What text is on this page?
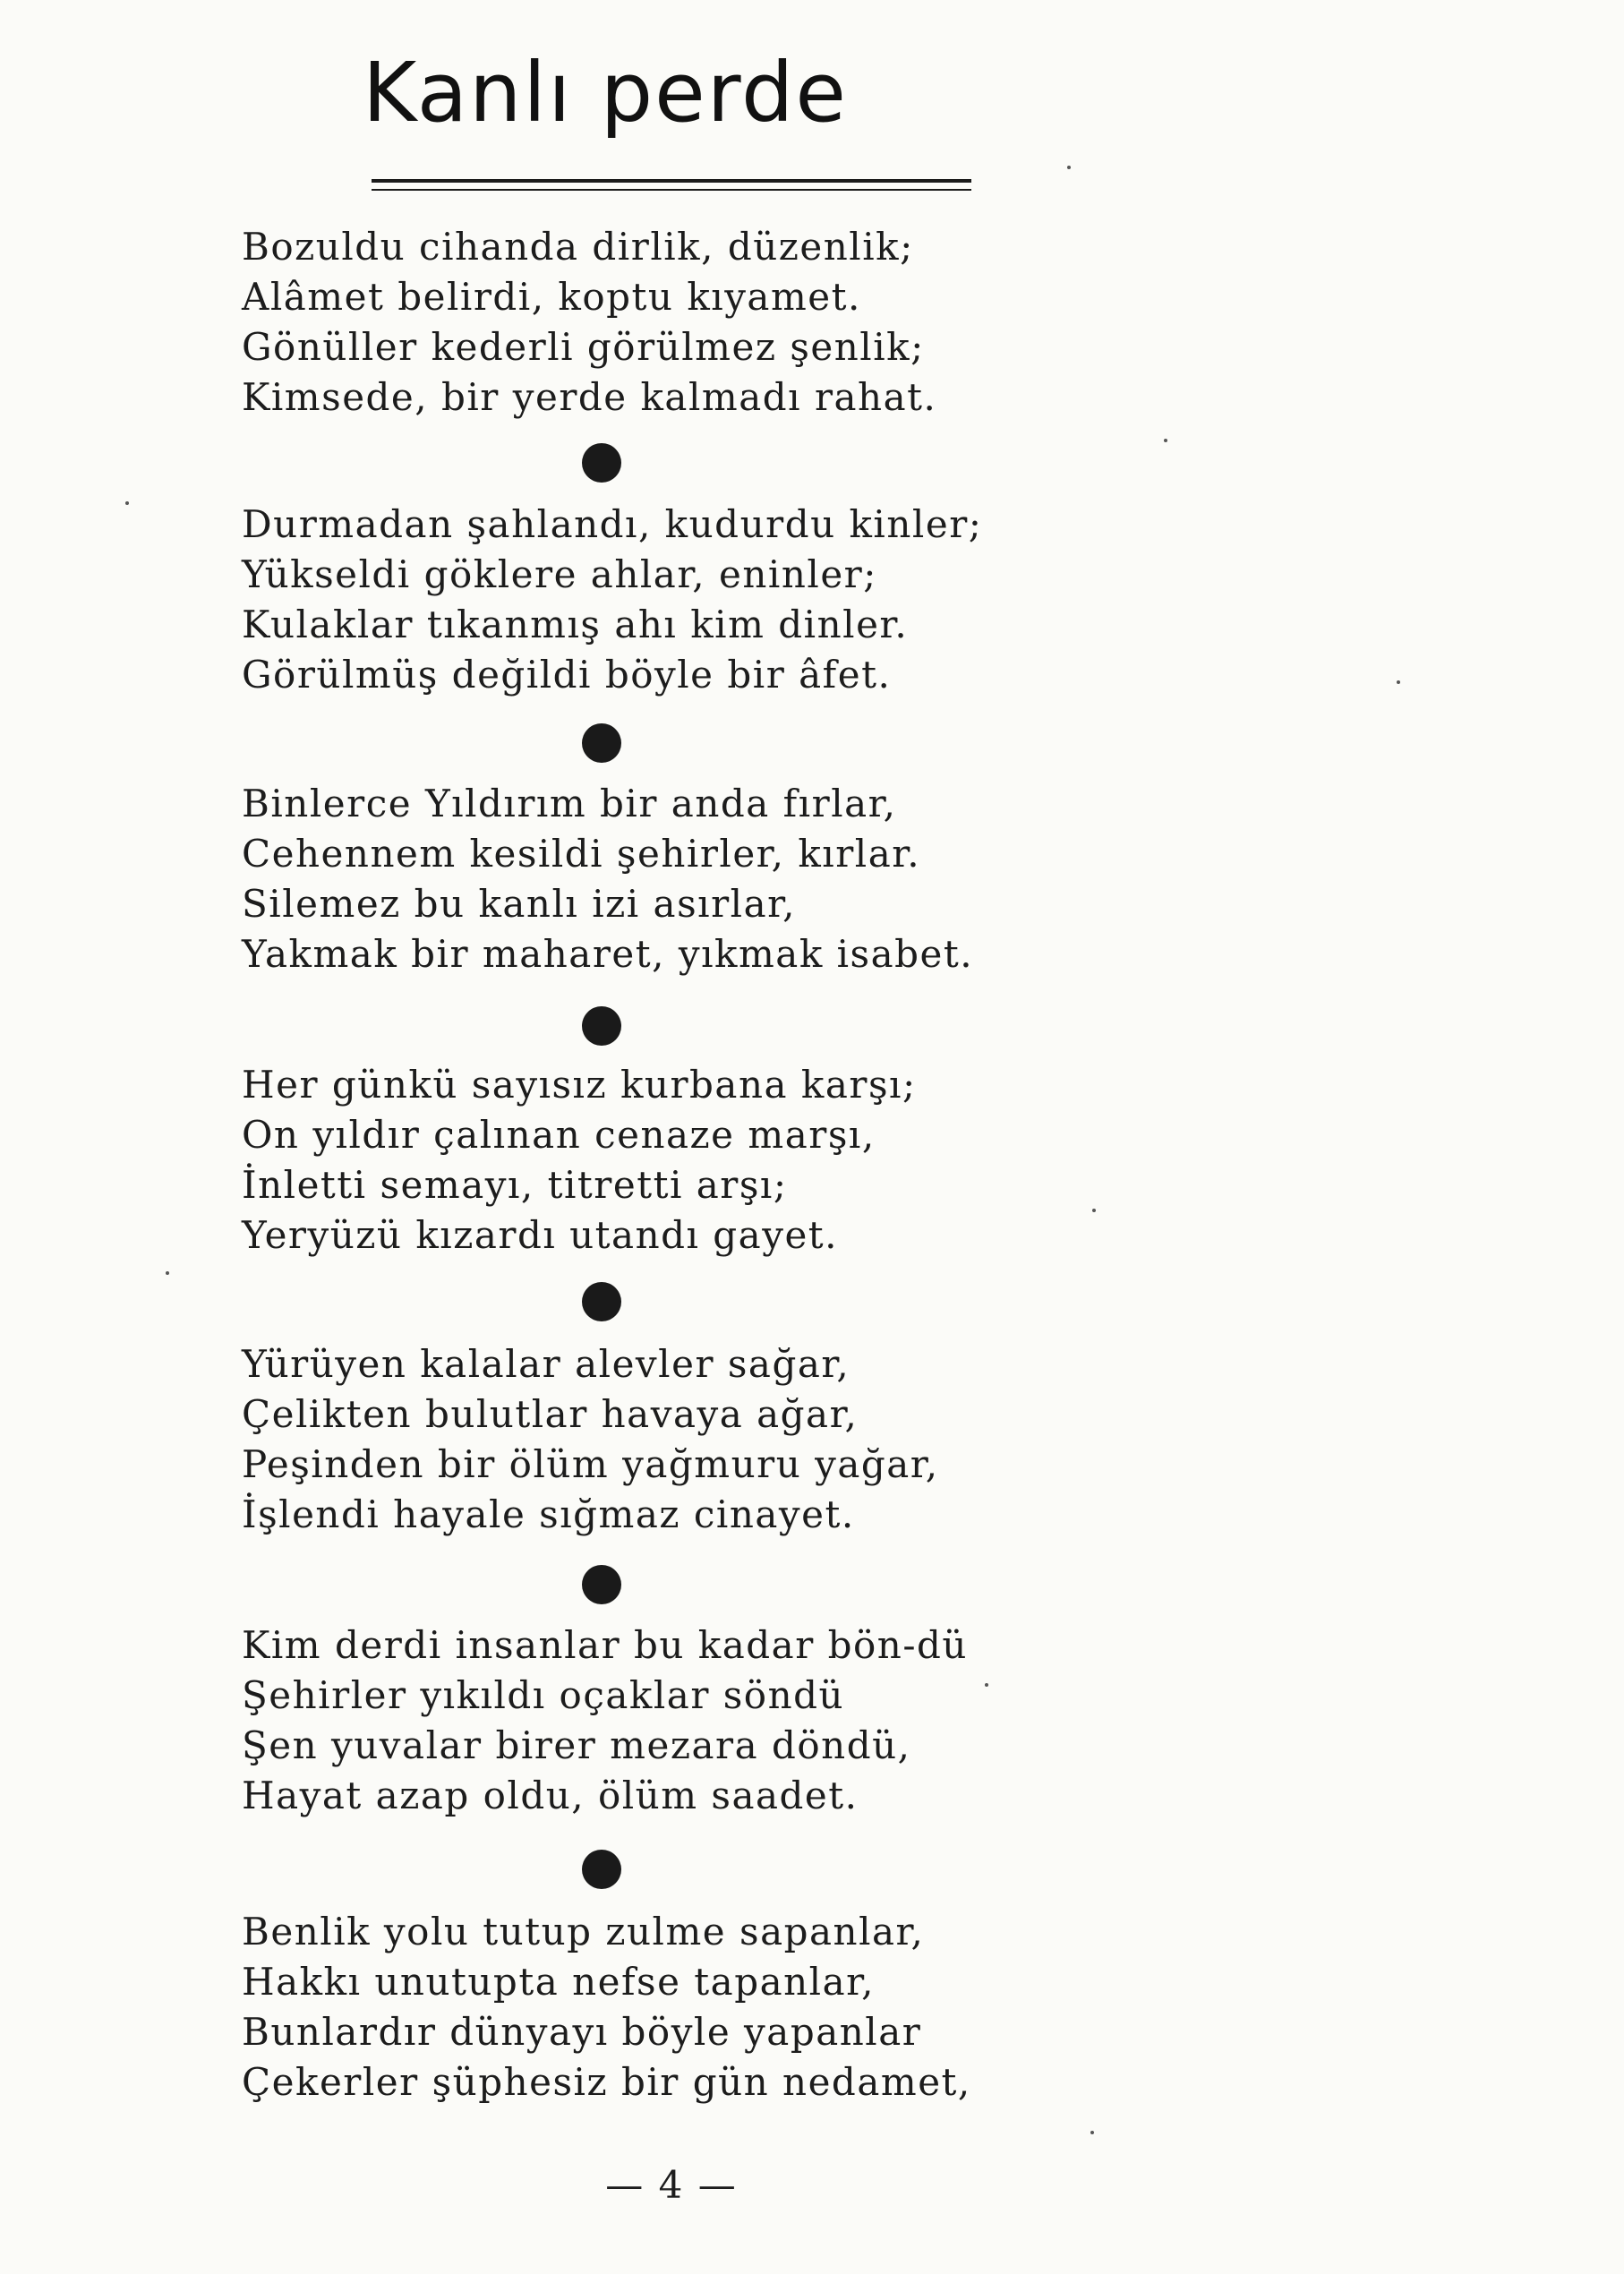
Kanlı perde
Bozuldu cihanda dirlik, düzenlik;
Alâmet belirdi, koptu kıyamet.
Gönüller kederli görülmez şenlik;
Kimsede, bir yerde kalmadı rahat.
Durmadan şahlandı, kudurdu kinler;
Yükseldi göklere ahlar, eninler;
Kulaklar tıkanmış ahı kim dinler.
Görülmüş değildi böyle bir âfet.
Binlerce Yıldırım bir anda fırlar,
Cehennem kesildi şehirler, kırlar.
Silemez bu kanlı izi asırlar,
Yakmak bir maharet, yıkmak isabet.
Her günkü sayısız kurbana karşı;
On yıldır çalınan cenaze marşı,
İnletti semayı, titretti arşı;
Yeryüzü kızardı utandı gayet.
Yürüyen kalalar alevler sağar,
Çelikten bulutlar havaya ağar,
Peşinden bir ölüm yağmuru yağar,
İşlendi hayale sığmaz cinayet.
Kim derdi insanlar bu kadar bön-dü
Şehirler yıkıldı oçaklar söndü
Şen yuvalar birer mezara döndü,
Hayat azap oldu, ölüm saadet.
Benlik yolu tutup zulme sapanlar,
Hakkı unutupta nefse tapanlar,
Bunlardır dünyayı böyle yapanlar
Çekerler şüphesiz bir gün nedamet,
— 4 —
